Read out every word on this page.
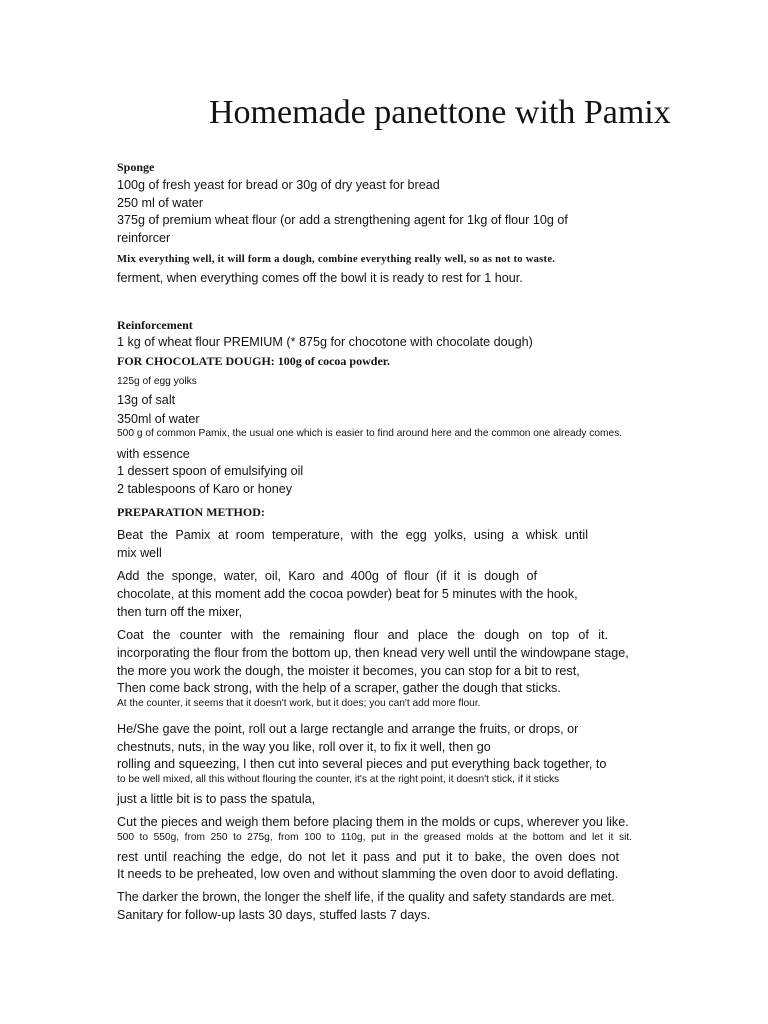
Homemade panettone with Pamix
Sponge
100g of fresh yeast for bread or 30g of dry yeast for bread
250 ml of water
375g of premium wheat flour (or add a strengthening agent for 1kg of flour 10g of
reinforcer
Mix everything well, it will form a dough, combine everything really well, so as not to waste.
ferment, when everything comes off the bowl it is ready to rest for 1 hour.
Reinforcement
1 kg of wheat flour PREMIUM (* 875g for chocotone with chocolate dough)
FOR CHOCOLATE DOUGH: 100g of cocoa powder.
125g of egg yolks
13g of salt
350ml of water
500 g of common Pamix, the usual one which is easier to find around here and the common one already comes.
with essence
1 dessert spoon of emulsifying oil
2 tablespoons of Karo or honey
PREPARATION METHOD:
Beat the Pamix at room temperature, with the egg yolks, using a whisk until
mix well
Add the sponge, water, oil, Karo and 400g of flour (if it is dough of
chocolate, at this moment add the cocoa powder) beat for 5 minutes with the hook,
then turn off the mixer,
Coat the counter with the remaining flour and place the dough on top of it.
incorporating the flour from the bottom up, then knead very well until the windowpane stage,
the more you work the dough, the moister it becomes, you can stop for a bit to rest,
Then come back strong, with the help of a scraper, gather the dough that sticks.
At the counter, it seems that it doesn't work, but it does; you can't add more flour.
He/She gave the point, roll out a large rectangle and arrange the fruits, or drops, or
chestnuts, nuts, in the way you like, roll over it, to fix it well, then go
rolling and squeezing, I then cut into several pieces and put everything back together, to
to be well mixed, all this without flouring the counter, it's at the right point, it doesn't stick, if it sticks
just a little bit is to pass the spatula,
Cut the pieces and weigh them before placing them in the molds or cups, wherever you like.
500 to 550g, from 250 to 275g, from 100 to 110g, put in the greased molds at the bottom and let it sit.
rest until reaching the edge, do not let it pass and put it to bake, the oven does not
It needs to be preheated, low oven and without slamming the oven door to avoid deflating.
The darker the brown, the longer the shelf life, if the quality and safety standards are met.
Sanitary for follow-up lasts 30 days, stuffed lasts 7 days.
